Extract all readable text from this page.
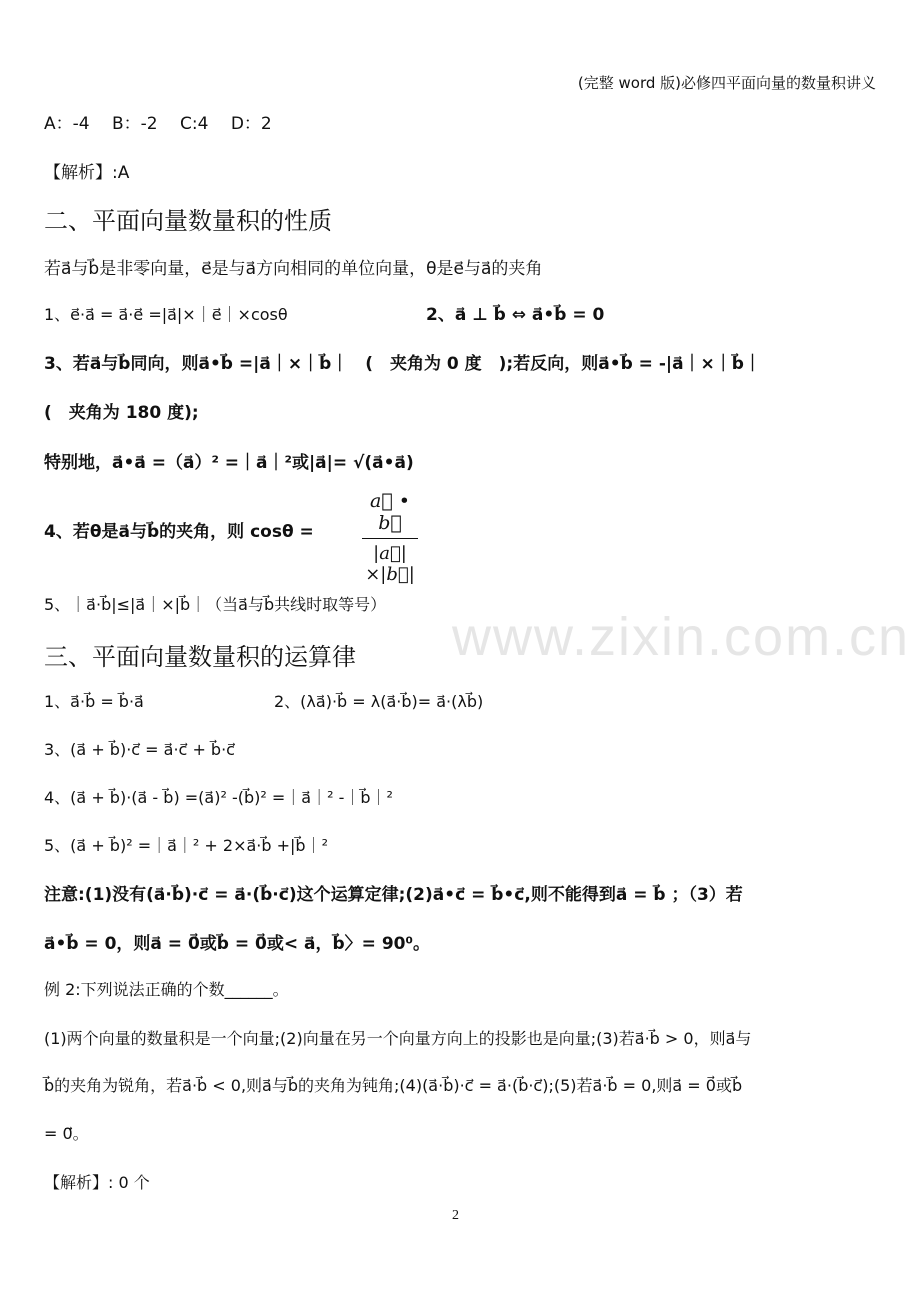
(完整 word 版)必修四平面向量的数量积讲义
A：-4　 B：-2　 C:4　 D：2
【解析】:A
二、平面向量数量积的性质
若a⃗与b⃗是非零向量，e⃗是与a⃗方向相同的单位向量，θ是e⃗与a⃗的夹角
1、e⃗·a⃗ = a⃗·e⃗ =|a⃗|×｜e⃗｜×cosθ	2、a⃗ ⊥ b⃗ ⇔ a⃗•b⃗ = 0
3、若a⃗与b⃗同向，则a⃗•b⃗ =|a⃗｜×｜b⃗｜　(　夹角为 0 度　);若反向，则a⃗•b⃗ = -|a⃗｜×｜b⃗｜
(　夹角为 180 度);
特别地，a⃗•a⃗ =（a⃗）² =｜a⃗｜²或|a⃗|= √(a⃗•a⃗)
4、若θ是a⃗与b⃗的夹角，则 cosθ =	$\frac{a⃗ • b⃗}{|a⃗|\times|b⃗|}$
5、｜a⃗·b⃗|≤|a⃗｜×|b⃗｜（当a⃗与b⃗共线时取等号）
www.zixin.com.cn
三、平面向量数量积的运算律
1、a⃗·b⃗ = b⃗·a⃗	2、(λa⃗)·b⃗ = λ(a⃗·b⃗)= a⃗·(λb⃗)
3、(a⃗ + b⃗)·c⃗ = a⃗·c⃗ + b⃗·c⃗
4、(a⃗ + b⃗)·(a⃗ - b⃗) =(a⃗)² -(b⃗)² =｜a⃗｜² -｜b⃗｜²
5、(a⃗ + b⃗)² =｜a⃗｜² + 2×a⃗·b⃗ +|b⃗｜²
注意:(1)没有(a⃗·b⃗)·c⃗ = a⃗·(b⃗·c⃗)这个运算定律;(2)a⃗•c⃗ = b⃗•c⃗,则不能得到a⃗ = b⃗ ；（3）若
a⃗•b⃗ = 0，则a⃗ = 0⃗或b⃗ = 0⃗或< a⃗，b⃗〉= 90⁰。
例 2:下列说法正确的个数______。
(1)两个向量的数量积是一个向量;(2)向量在另一个向量方向上的投影也是向量;(3)若a⃗·b⃗ > 0，则a⃗与
b⃗的夹角为锐角，若a⃗·b⃗ < 0,则a⃗与b⃗的夹角为钝角;(4)(a⃗·b⃗)·c⃗ = a⃗·(b⃗·c⃗);(5)若a⃗·b⃗ = 0,则a⃗ = 0⃗或b⃗
= 0⃗。
【解析】: 0 个
2
